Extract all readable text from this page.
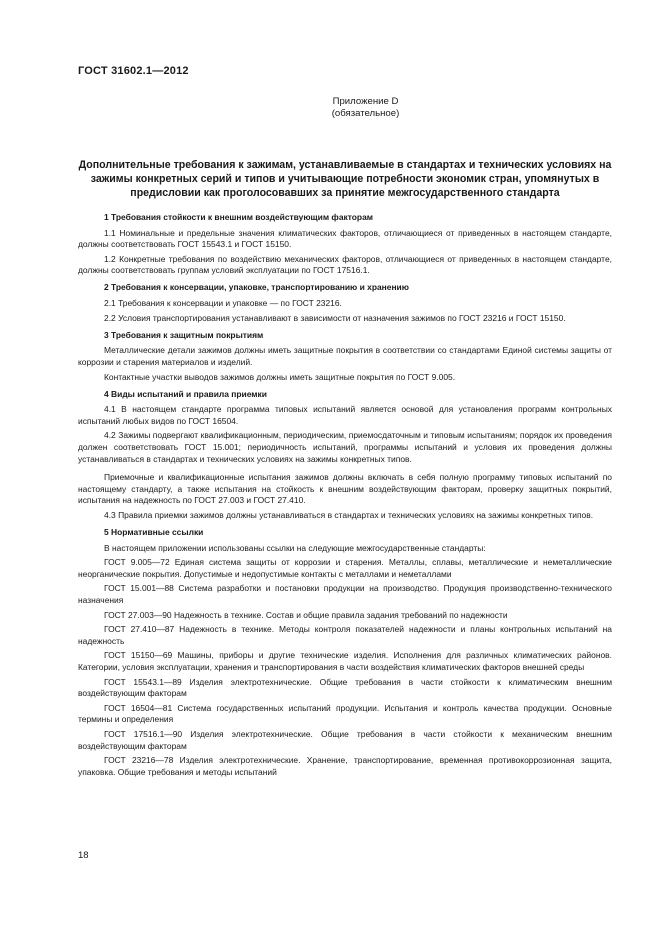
ГОСТ 31602.1—2012
Приложение D
(обязательное)
Дополнительные требования к зажимам, устанавливаемые в стандартах и технических условиях на зажимы конкретных серий и типов и учитывающие потребности экономик стран, упомянутых в предисловии как проголосовавших за принятие межгосударственного стандарта

1 Требования стойкости к внешним воздействующим факторам

1.1 Номинальные и предельные значения климатических факторов, отличающиеся от приведенных в настоящем стандарте, должны соответствовать ГОСТ 15543.1 и ГОСТ 15150.

1.2 Конкретные требования по воздействию механических факторов, отличающиеся от приведенных в настоящем стандарте, должны соответствовать группам условий эксплуатации по ГОСТ 17516.1.

2 Требования к консервации, упаковке, транспортированию и хранению

2.1 Требования к консервации и упаковке — по ГОСТ 23216.

2.2 Условия транспортирования устанавливают в зависимости от назначения зажимов по ГОСТ 23216 и ГОСТ 15150.

3 Требования к защитным покрытиям

Металлические детали зажимов должны иметь защитные покрытия в соответствии со стандартами Единой системы защиты от коррозии и старения материалов и изделий.

Контактные участки выводов зажимов должны иметь защитные покрытия по ГОСТ 9.005.

4 Виды испытаний и правила приемки

4.1 В настоящем стандарте программа типовых испытаний является основой для установления программ контрольных испытаний любых видов по ГОСТ 16504.

4.2 Зажимы подвергают квалификационным, периодическим, приемосдаточным и типовым испытаниям; порядок их проведения должен соответствовать ГОСТ 15.001; периодичность испытаний, программы испытаний и условия их проведения должны устанавливаться в стандартах и технических условиях на зажимы конкретных типов.

Приемочные и квалификационные испытания зажимов должны включать в себя полную программу типовых испытаний по настоящему стандарту, а также испытания на стойкость к внешним воздействующим факторам, проверку защитных покрытий, испытания на надежность по ГОСТ 27.003 и ГОСТ 27.410.

4.3 Правила приемки зажимов должны устанавливаться в стандартах и технических условиях на зажимы конкретных типов.

5 Нормативные ссылки

В настоящем приложении использованы ссылки на следующие межгосударственные стандарты:

ГОСТ 9.005—72 Единая система защиты от коррозии и старения. Металлы, сплавы, металлические и неметаллические неорганические покрытия. Допустимые и недопустимые контакты с металлами и неметаллами

ГОСТ 15.001—88 Система разработки и постановки продукции на производство. Продукция производственно-технического назначения

ГОСТ 27.003—90 Надежность в технике. Состав и общие правила задания требований по надежности

ГОСТ 27.410—87 Надежность в технике. Методы контроля показателей надежности и планы контрольных испытаний на надежность

ГОСТ 15150—69 Машины, приборы и другие технические изделия. Исполнения для различных климатических районов. Категории, условия эксплуатации, хранения и транспортирования в части воздействия климатических факторов внешней среды

ГОСТ 15543.1—89 Изделия электротехнические. Общие требования в части стойкости к климатическим внешним воздействующим факторам

ГОСТ 16504—81 Система государственных испытаний продукции. Испытания и контроль качества продукции. Основные термины и определения

ГОСТ 17516.1—90 Изделия электротехнические. Общие требования в части стойкости к механическим внешним воздействующим факторам

ГОСТ 23216—78 Изделия электротехнические. Хранение, транспортирование, временная противокоррозионная защита, упаковка. Общие требования и методы испытаний

18
